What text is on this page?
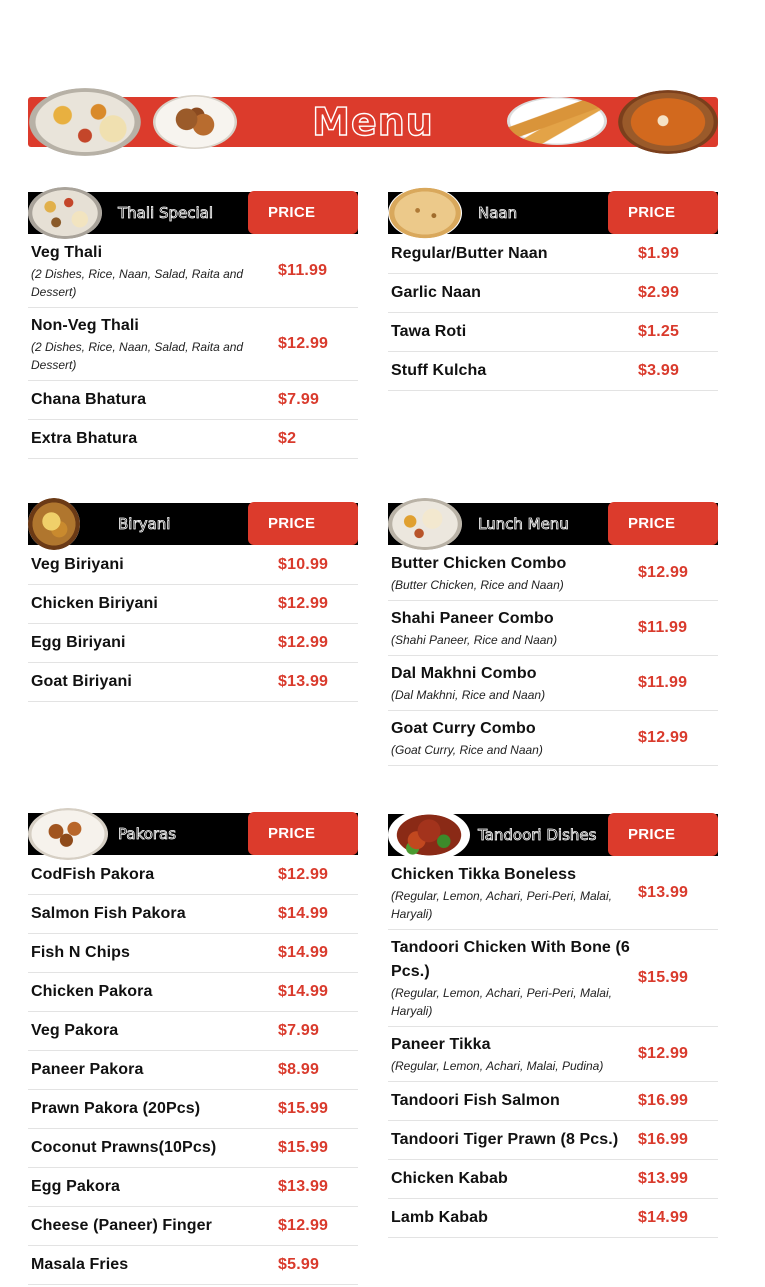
Menu
Thali Special	PRICE
Veg Thali
(2 Dishes, Rice, Naan, Salad, Raita and Dessert)
$11.99
Non-Veg Thali
(2 Dishes, Rice, Naan, Salad, Raita and Dessert)
$12.99
Chana Bhatura	$7.99
Extra Bhatura	$2
Naan	PRICE
Regular/Butter Naan	$1.99
Garlic Naan	$2.99
Tawa Roti	$1.25
Stuff Kulcha	$3.99
Biryani	PRICE
Veg Biriyani	$10.99
Chicken Biriyani	$12.99
Egg Biriyani	$12.99
Goat Biriyani	$13.99
Lunch Menu	PRICE
Butter Chicken Combo
(Butter Chicken, Rice and Naan)
$12.99
Shahi Paneer Combo
(Shahi Paneer, Rice and Naan)
$11.99
Dal Makhni Combo
(Dal Makhni, Rice and Naan)
$11.99
Goat Curry Combo
(Goat Curry, Rice and Naan)
$12.99
Pakoras	PRICE
CodFish Pakora	$12.99
Salmon Fish Pakora	$14.99
Fish N Chips	$14.99
Chicken Pakora	$14.99
Veg Pakora	$7.99
Paneer Pakora	$8.99
Prawn Pakora (20Pcs)	$15.99
Coconut Prawns(10Pcs)	$15.99
Egg Pakora	$13.99
Cheese (Paneer) Finger	$12.99
Masala Fries	$5.99
Tandoori Dishes	PRICE
Chicken Tikka Boneless
(Regular, Lemon, Achari, Peri-Peri, Malai, Haryali)
$13.99
Tandoori Chicken With Bone (6 Pcs.)
(Regular, Lemon, Achari, Peri-Peri, Malai, Haryali)
$15.99
Paneer Tikka
(Regular, Lemon, Achari, Malai, Pudina)
$12.99
Tandoori Fish Salmon	$16.99
Tandoori Tiger Prawn (8 Pcs.)	$16.99
Chicken Kabab	$13.99
Lamb Kabab	$14.99
